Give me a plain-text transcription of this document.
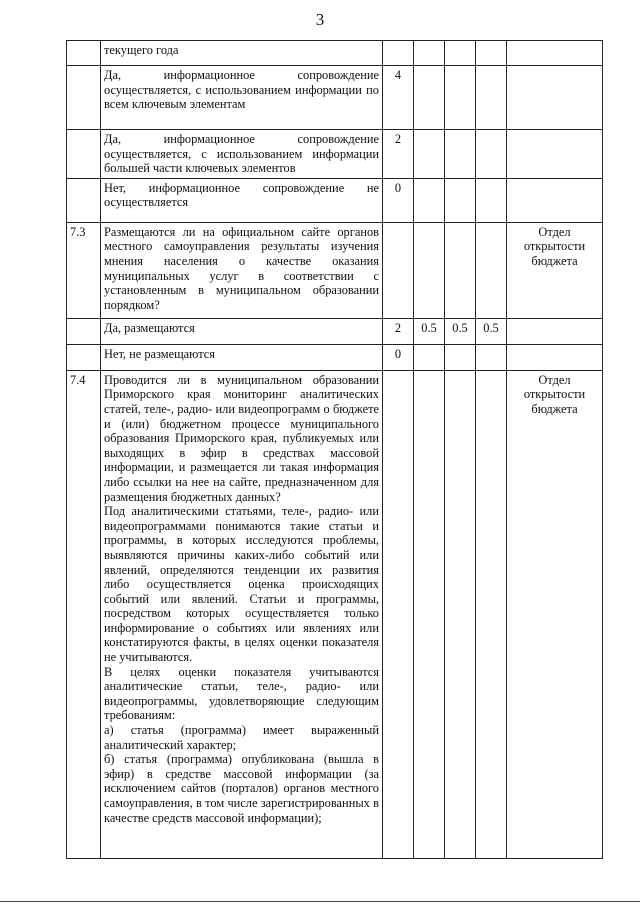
3
	текущего года					
	Да, информационное сопровождение осуществляется, с использованием информации по всем ключевым элементам	4				
	Да, информационное сопровождение осуществляется, с использованием информации большей части ключевых элементов	2				
	Нет, информационное сопровождение не осуществляется	0				
7.3	Размещаются ли на официальном сайте органов местного самоуправления результаты изучения мнения населения о качестве оказания муниципальных услуг в соответствии с установленным в муниципальном образовании порядком?					Отдел открытости бюджета
	Да, размещаются	2	0.5	0.5	0.5	
	Нет, не размещаются	0				
7.4	Проводится ли в муниципальном образовании Приморского края мониторинг аналитических статей, теле-, радио- или видеопрограмм о бюджете и (или) бюджетном процессе муниципального образования Приморского края, публикуемых или выходящих в эфир в средствах массовой информации, и размещается ли такая информация либо ссылки на нее на сайте, предназначенном для размещения бюджетных данных?
Под аналитическими статьями, теле-, радио- или видеопрограммами понимаются такие статьи и программы, в которых исследуются проблемы, выявляются причины каких-либо событий или явлений, определяются тенденции их развития либо осуществляется оценка происходящих событий или явлений. Статьи и программы, посредством которых осуществляется только информирование о событиях или явлениях или констатируются факты, в целях оценки показателя не учитываются.
В целях оценки показателя учитываются аналитические статьи, теле-, радио- или видеопрограммы, удовлетворяющие следующим требованиям:
а) статья (программа) имеет выраженный аналитический характер;
б) статья (программа) опубликована (вышла в эфир) в средстве массовой информации (за исключением сайтов (порталов) органов местного самоуправления, в том числе зарегистрированных в качестве средств массовой информации);					Отдел открытости бюджета
